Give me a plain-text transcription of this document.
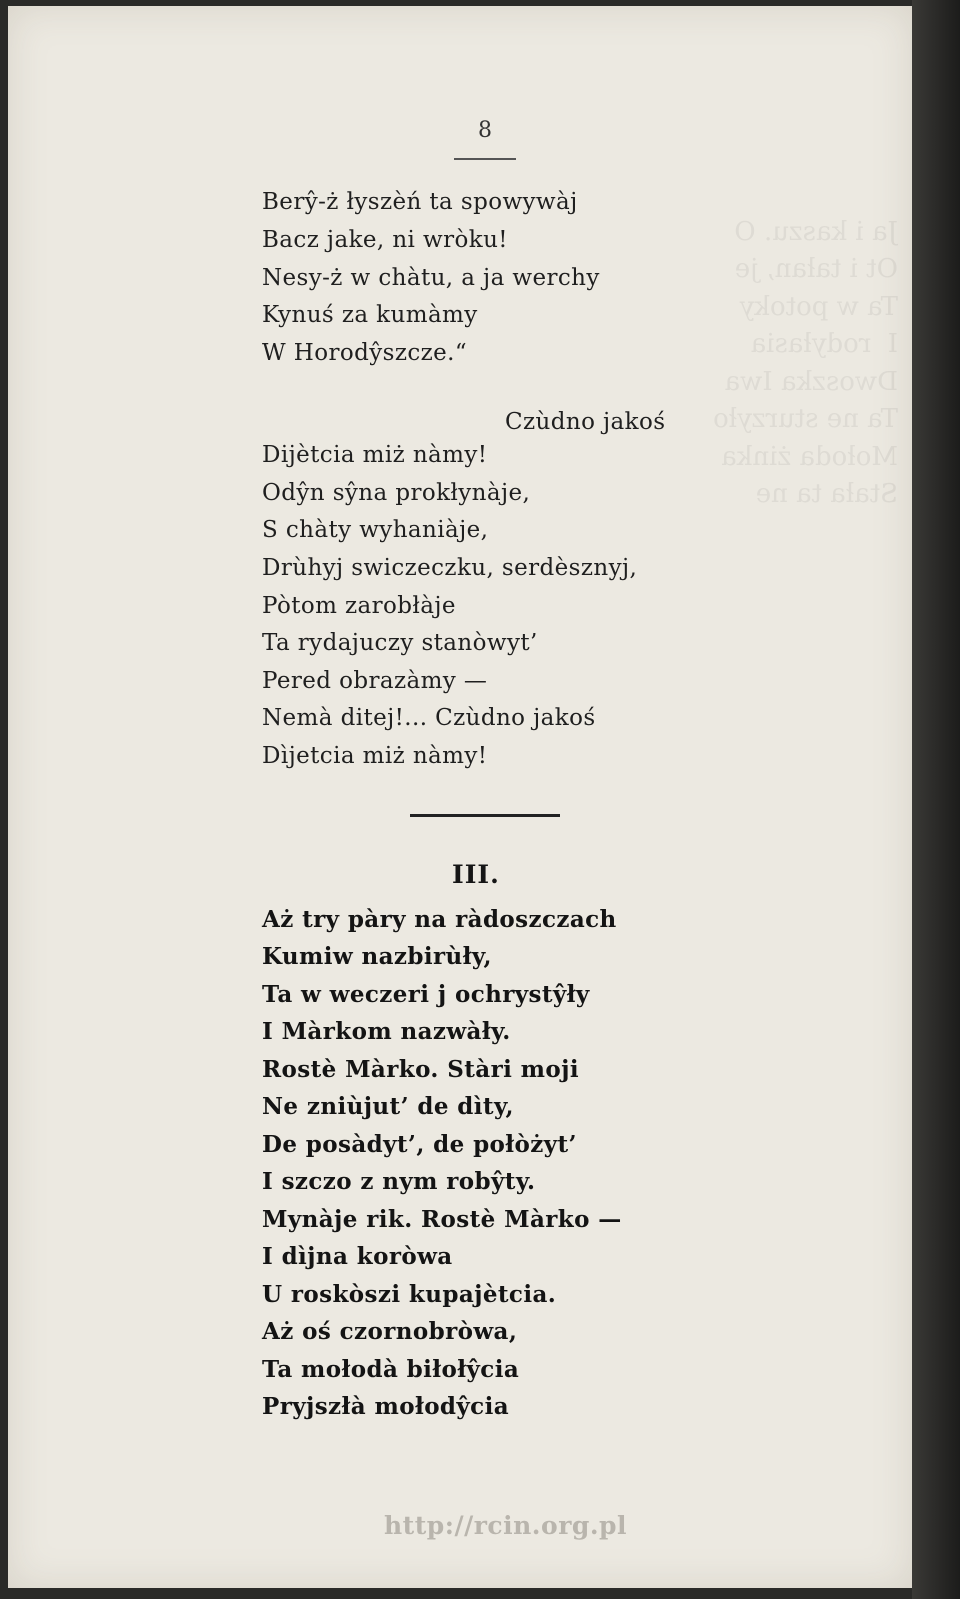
Ja i kaszu. O
Ot i tałan, je
Ta w potoky
I  rodyłasia
Dwoszka Iwa
Ta ne sturzyło
Mołoda żinka
Stała ta ne

8

Berŷ-ż łyszèń ta spowywàj

Bacz jake, ni wròku!

Nesy-ż w chàtu, a ja werchy

Kynuś za kumàmy

W Horodŷszcze.“

Czùdno jakoś

Dijètcia miż nàmy!

Odŷn sŷna prokłynàje,

S chàty wyhaniàje,

Drùhyj swiczeczku, serdèsznyj,

Pòtom zarobłàje

Ta rydajuczy stanòwyt’

Pered obrazàmy —

Nemà ditej!... Czùdno jakoś

Dìjetcia miż nàmy!

III.

Aż try pàry na ràdoszczach

Kumiw nazbirùły,

Ta w weczeri j ochrystŷły

I Màrkom nazwàły.

Rostè Màrko. Stàri moji

Ne zniùjut’ de dìty,

De posàdyt’, de połòżyt’

I szczo z nym robŷty.

Mynàje rik. Rostè Màrko —

I dìjna koròwa

U roskòszi kupajètcia.

Aż oś czornobròwa,

Ta mołodà biłołŷcia

Pryjszłà mołodŷcia

http://rcin.org.pl
